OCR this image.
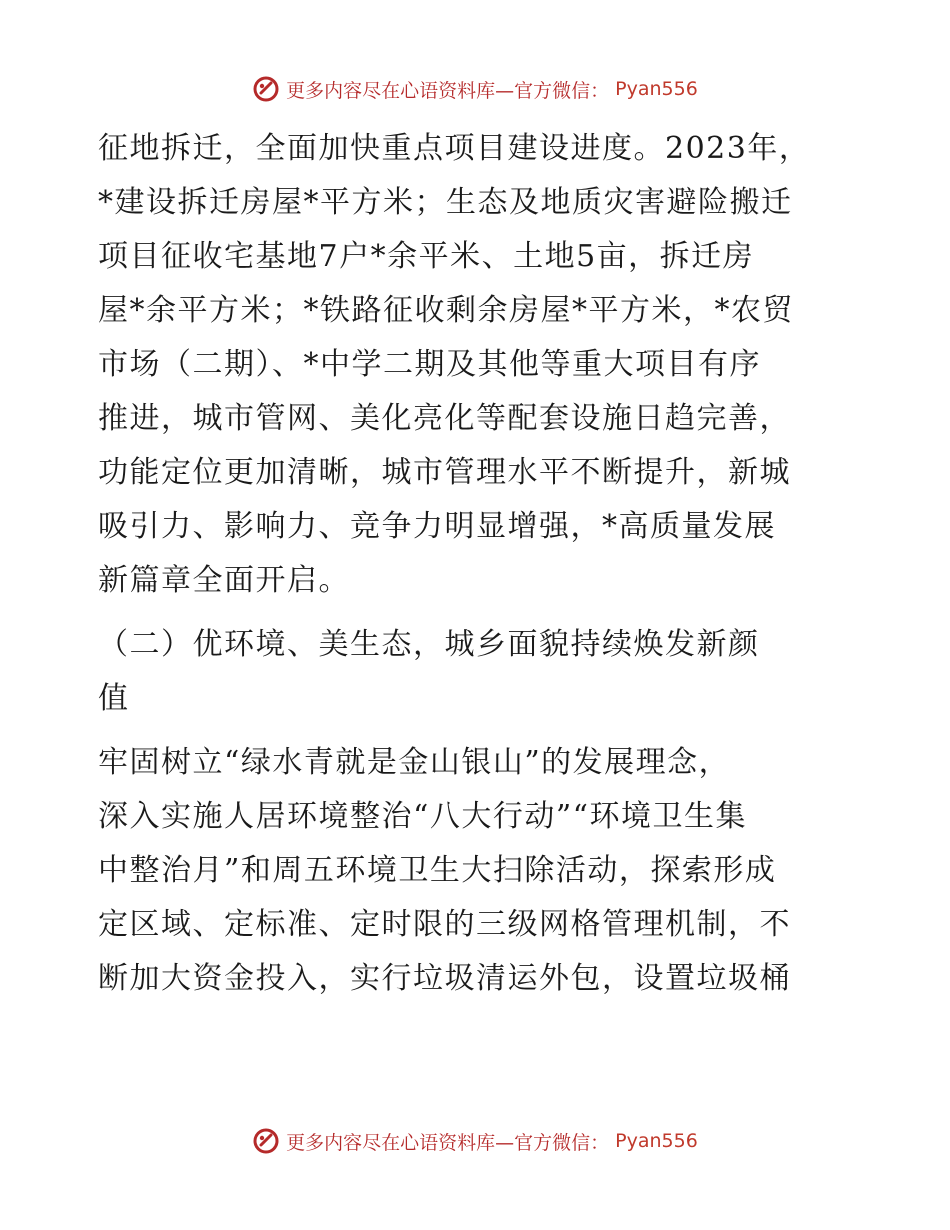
更多内容尽在心语资料库—官方微信： Pyan556

征地拆迁，全面加快重点项目建设进度。2023年，
*建设拆迁房屋*平方米；生态及地质灾害避险搬迁
项目征收宅基地7户*余平米、土地5亩，拆迁房
屋*余平方米；*铁路征收剩余房屋*平方米，*农贸
市场（二期）、*中学二期及其他等重大项目有序
推进，城市管网、美化亮化等配套设施日趋完善，
功能定位更加清晰，城市管理水平不断提升，新城
吸引力、影响力、竞争力明显增强，*高质量发展
新篇章全面开启。

（二）优环境、美生态，城乡面貌持续焕发新颜
值

牢固树立“绿水青就是金山银山”的发展理念，
深入实施人居环境整治“八大行动”“环境卫生集
中整治月”和周五环境卫生大扫除活动，探索形成
定区域、定标准、定时限的三级网格管理机制，不
断加大资金投入，实行垃圾清运外包，设置垃圾桶

更多内容尽在心语资料库—官方微信： Pyan556
